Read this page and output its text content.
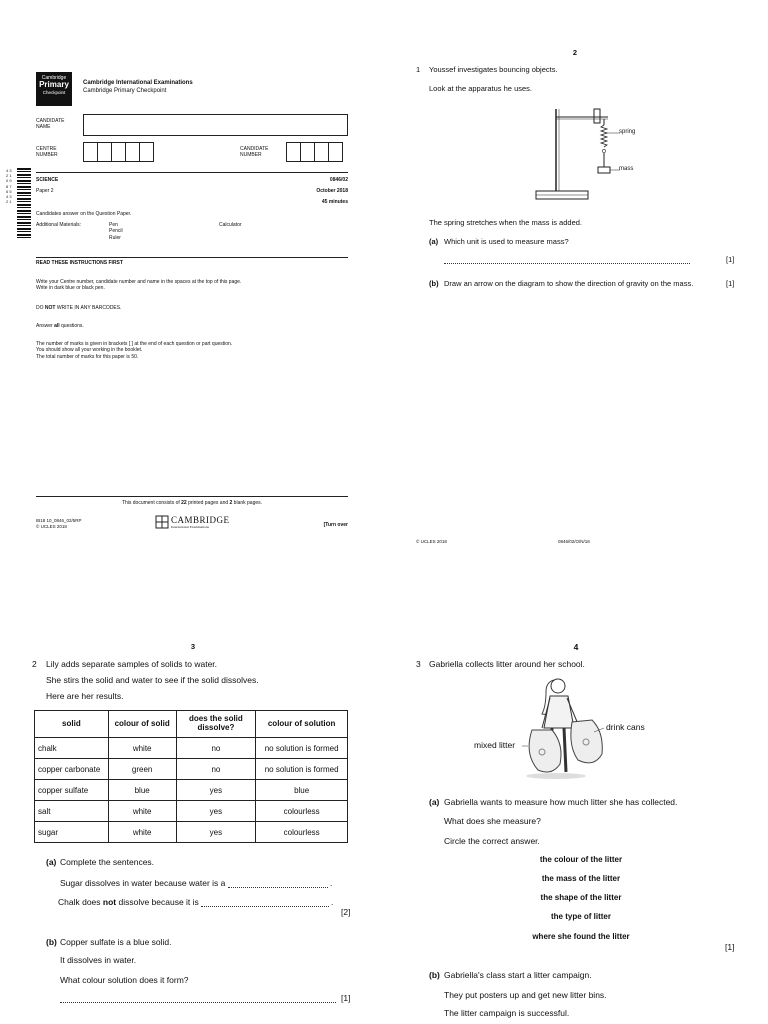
Cambridge
Primary
Checkpoint
Cambridge International Examinations
Cambridge Primary Checkpoint
CANDIDATE
NAME
CENTRE
NUMBER
CANDIDATE
NUMBER
SCIENCE	0846/02
Paper 2	October 2018
45 minutes
Candidates answer on the Question Paper.
Additional Materials:	Pen
Pencil
Ruler
Calculator
4 3 2 1 0 9 8 7 6 5 4 3 2 1
READ THESE INSTRUCTIONS FIRST
Write your Centre number, candidate number and name in the spaces at the top of this page.
Write in dark blue or black pen.
DO NOT WRITE IN ANY BARCODES.
Answer all questions.
The number of marks is given in brackets [ ] at the end of each question or part question.
You should show all your working in the booklet.
The total number of marks for this paper is 50.
This document consists of 22 printed pages and 2 blank pages.
IB18 10_0846_02/5RP
© UCLES 2018
CAMBRIDGE
International Examinations	[Turn over
2
1 Youssef investigates bouncing objects.
Look at the apparatus he uses.
spring
mass
The spring stretches when the mass is added.
(a) Which unit is used to measure mass?
[1]
(b) Draw an arrow on the diagram to show the direction of gravity on the mass.	[1]
© UCLES 2018	0846/02/O/N/18
3
2 Lily adds separate samples of solids to water.
She stirs the solid and water to see if the solid dissolves.
Here are her results.
solid	colour of solid	does the solid dissolve?	colour of solution
chalk	white	no	no solution is formed
copper carbonate	green	no	no solution is formed
copper sulfate	blue	yes	blue
salt	white	yes	colourless
sugar	white	yes	colourless
(a) Complete the sentences.
Sugar dissolves in water because water is a	.
Chalk does not dissolve because it is	.
[2]
(b) Copper sulfate is a blue solid.
It dissolves in water.
What colour solution does it form?
[1]
4
3 Gabriella collects litter around her school.
drink cans
mixed litter
(a) Gabriella wants to measure how much litter she has collected.
What does she measure?
Circle the correct answer.
the colour of the litter
the mass of the litter
the shape of the litter
the type of litter
where she found the litter
[1]
(b) Gabriella's class start a litter campaign.
They put posters up and get new litter bins.
The litter campaign is successful.
